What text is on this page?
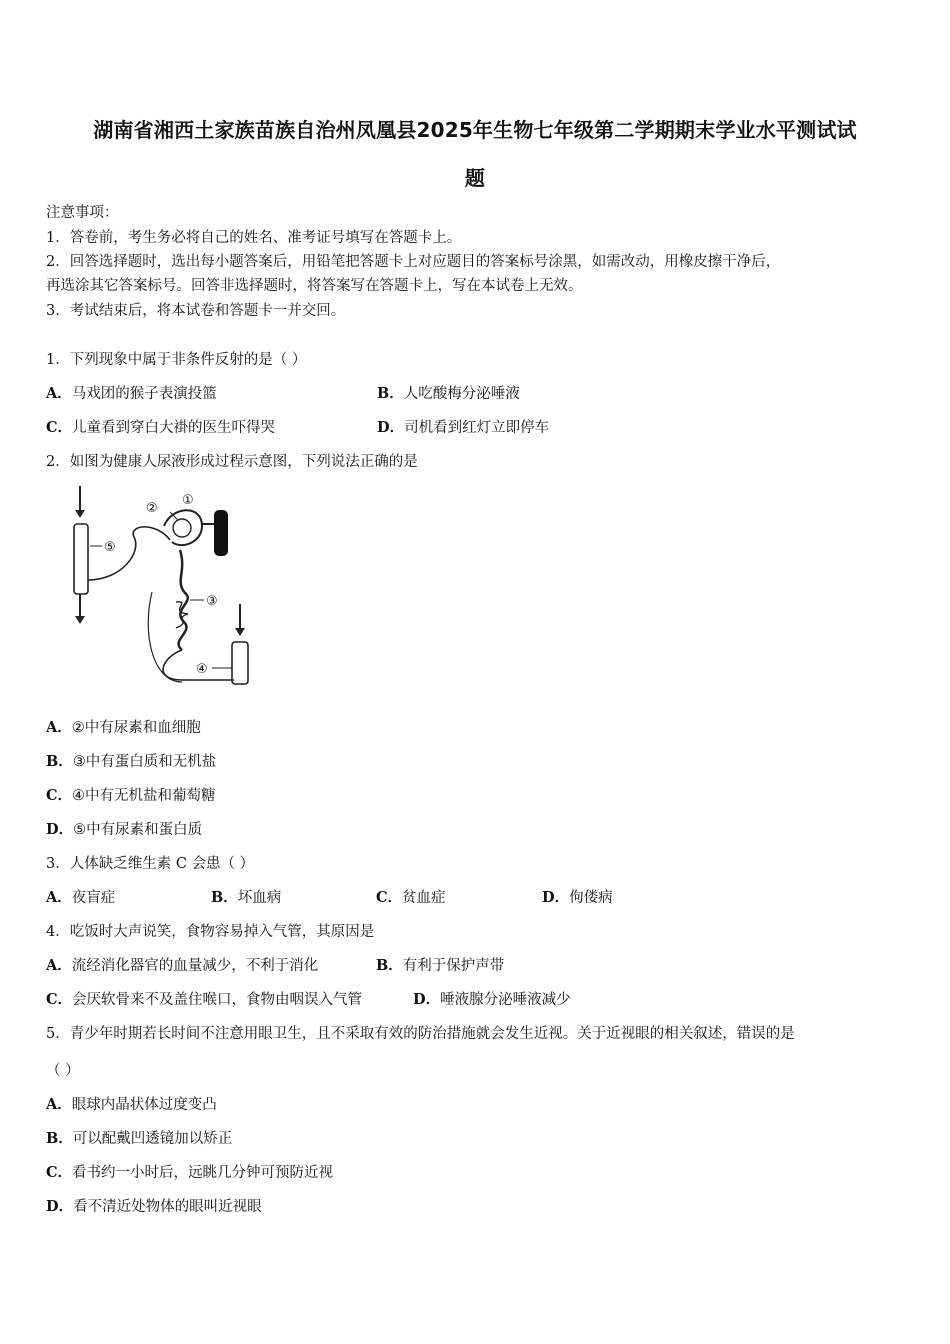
湖南省湘西土家族苗族自治州凤凰县2025年生物七年级第二学期期末学业水平测试试
题
注意事项：
1．答卷前，考生务必将自己的姓名、准考证号填写在答题卡上。
2．回答选择题时，选出每小题答案后，用铅笔把答题卡上对应题目的答案标号涂黑，如需改动，用橡皮擦干净后，
再选涂其它答案标号。回答非选择题时，将答案写在答题卡上，写在本试卷上无效。
3．考试结束后，将本试卷和答题卡一并交回。
1．下列现象中属于非条件反射的是（ ）
A．马戏团的猴子表演投篮	B．人吃酸梅分泌唾液
C．儿童看到穿白大褂的医生吓得哭	D．司机看到红灯立即停车
2．如图为健康人尿液形成过程示意图，下列说法正确的是
①
②
③
④
⑤
A．②中有尿素和血细胞
B．③中有蛋白质和无机盐
C．④中有无机盐和葡萄糖
D．⑤中有尿素和蛋白质
3．人体缺乏维生素 C 会患（ ）
A．夜盲症	B．坏血病	C．贫血症	D．佝偻病
4．吃饭时大声说笑，食物容易掉入气管，其原因是
A．流经消化器官的血量减少，不利于消化	B．有利于保护声带
C．会厌软骨来不及盖住喉口，食物由咽误入气管	D．唾液腺分泌唾液减少
5．青少年时期若长时间不注意用眼卫生，且不采取有效的防治措施就会发生近视。关于近视眼的相关叙述，错误的是
（ ）
A．眼球内晶状体过度变凸
B．可以配戴凹透镜加以矫正
C．看书约一小时后，远眺几分钟可预防近视
D．看不清近处物体的眼叫近视眼
